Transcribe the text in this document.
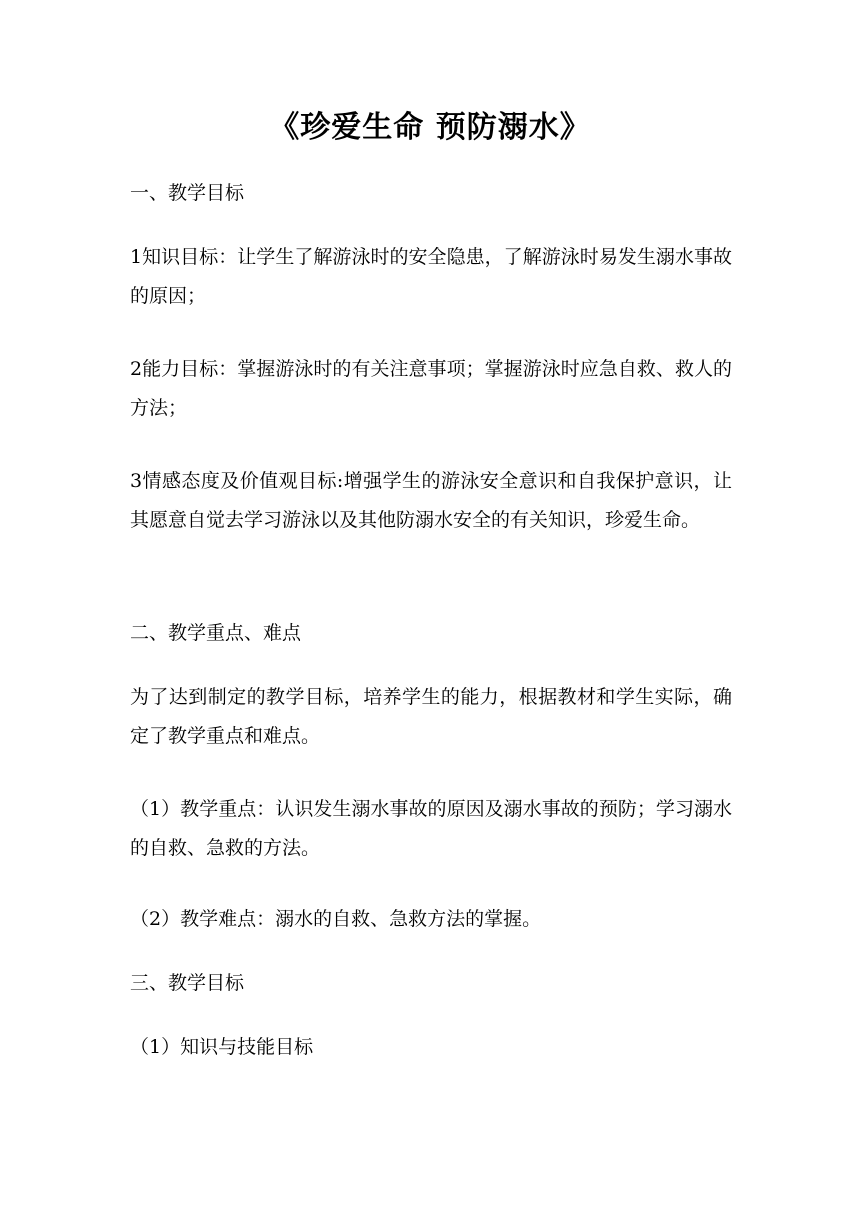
《珍爱生命 预防溺水》

一、教学目标

1知识目标：让学生了解游泳时的安全隐患，了解游泳时易发生溺水事故的原因；

2能力目标：掌握游泳时的有关注意事项；掌握游泳时应急自救、救人的方法；

3情感态度及价值观目标:增强学生的游泳安全意识和自我保护意识，让其愿意自觉去学习游泳以及其他防溺水安全的有关知识，珍爱生命。

二、教学重点、难点

为了达到制定的教学目标，培养学生的能力，根据教材和学生实际，确定了教学重点和难点。

（1）教学重点：认识发生溺水事故的原因及溺水事故的预防；学习溺水的自救、急救的方法。

（2）教学难点：溺水的自救、急救方法的掌握。

三、教学目标

（1）知识与技能目标
